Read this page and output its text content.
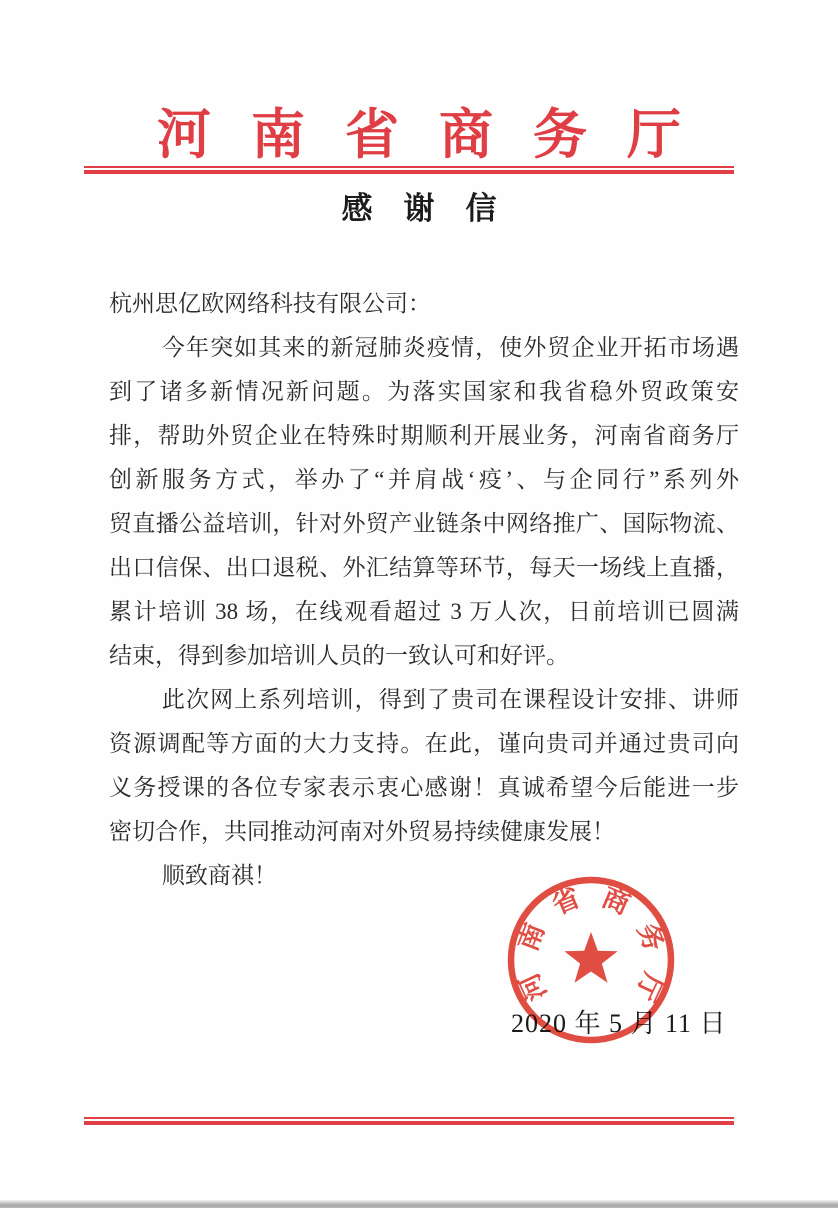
河南省商务厅
感谢信
杭州思亿欧网络科技有限公司：
今年突如其来的新冠肺炎疫情，使外贸企业开拓市场遇
到了诸多新情况新问题。为落实国家和我省稳外贸政策安
排，帮助外贸企业在特殊时期顺利开展业务，河南省商务厅
创新服务方式，举办了“并肩战‘疫’、与企同行”系列外
贸直播公益培训，针对外贸产业链条中网络推广、国际物流、
出口信保、出口退税、外汇结算等环节，每天一场线上直播，
累计培训 38 场，在线观看超过 3 万人次，日前培训已圆满
结束，得到参加培训人员的一致认可和好评。
此次网上系列培训，得到了贵司在课程设计安排、讲师
资源调配等方面的大力支持。在此，谨向贵司并通过贵司向
义务授课的各位专家表示衷心感谢！真诚希望今后能进一步
密切合作，共同推动河南对外贸易持续健康发展！
顺致商祺！
2020 年 5 月 11 日
河
南
省 商
务
厅
